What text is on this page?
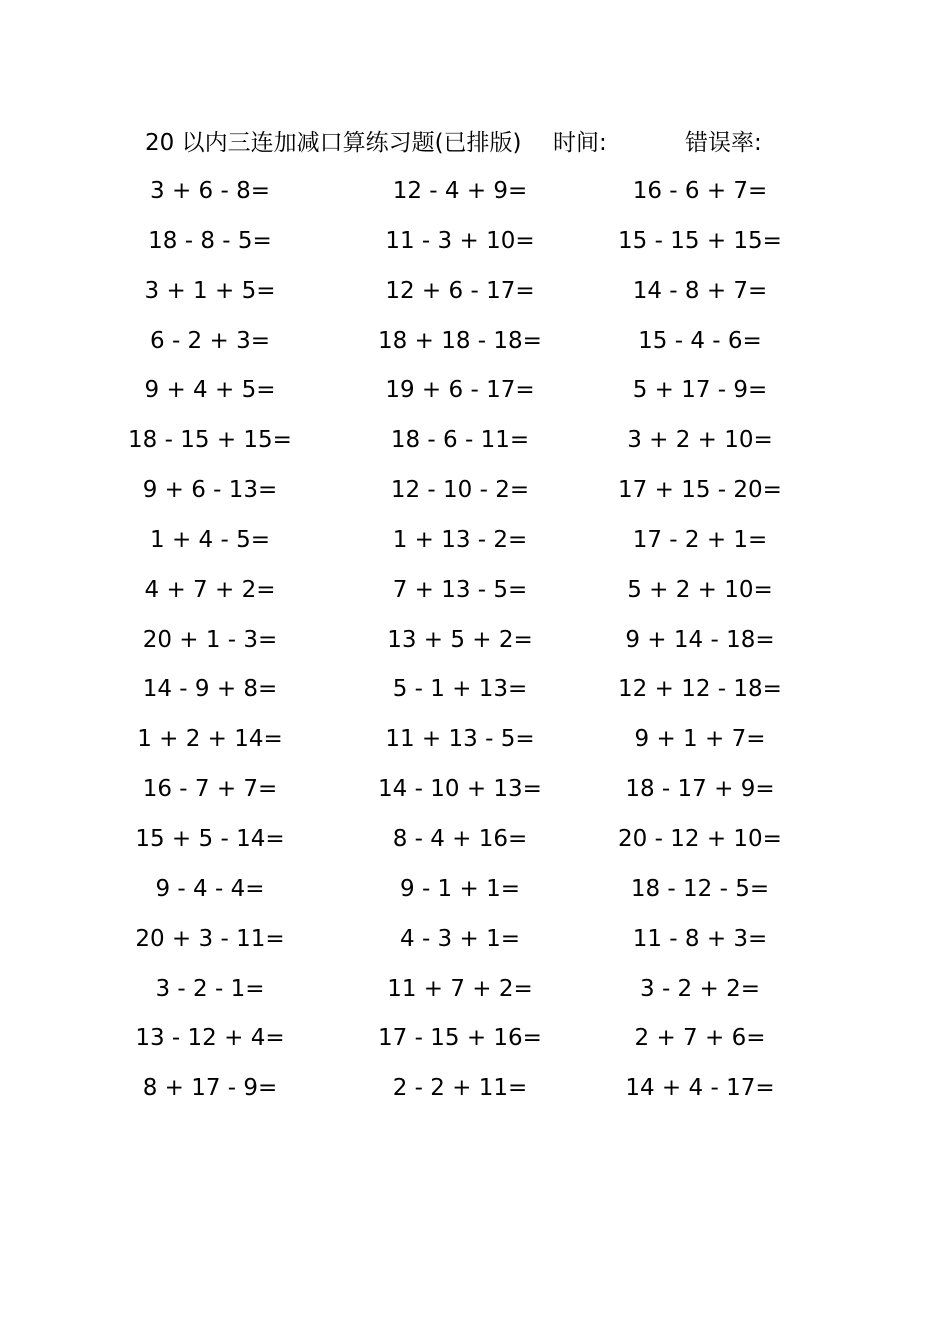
20 以内三连加减口算练习题(已排版) 时间:	错误率:
3 + 6 - 8=
18 - 8 - 5=
3 + 1 + 5=
6 - 2 + 3=
9 + 4 + 5=
18 - 15 + 15=
9 + 6 - 13=
1 + 4 - 5=
4 + 7 + 2=
20 + 1 - 3=
14 - 9 + 8=
1 + 2 + 14=
16 - 7 + 7=
15 + 5 - 14=
9 - 4 - 4=
20 + 3 - 11=
3 - 2 - 1=
13 - 12 + 4=
8 + 17 - 9=
12 - 4 + 9=
11 - 3 + 10=
12 + 6 - 17=
18 + 18 - 18=
19 + 6 - 17=
18 - 6 - 11=
12 - 10 - 2=
1 + 13 - 2=
7 + 13 - 5=
13 + 5 + 2=
5 - 1 + 13=
11 + 13 - 5=
14 - 10 + 13=
8 - 4 + 16=
9 - 1 + 1=
4 - 3 + 1=
11 + 7 + 2=
17 - 15 + 16=
2 - 2 + 11=
16 - 6 + 7=
15 - 15 + 15=
14 - 8 + 7=
15 - 4 - 6=
5 + 17 - 9=
3 + 2 + 10=
17 + 15 - 20=
17 - 2 + 1=
5 + 2 + 10=
9 + 14 - 18=
12 + 12 - 18=
9 + 1 + 7=
18 - 17 + 9=
20 - 12 + 10=
18 - 12 - 5=
11 - 8 + 3=
3 - 2 + 2=
2 + 7 + 6=
14 + 4 - 17=
